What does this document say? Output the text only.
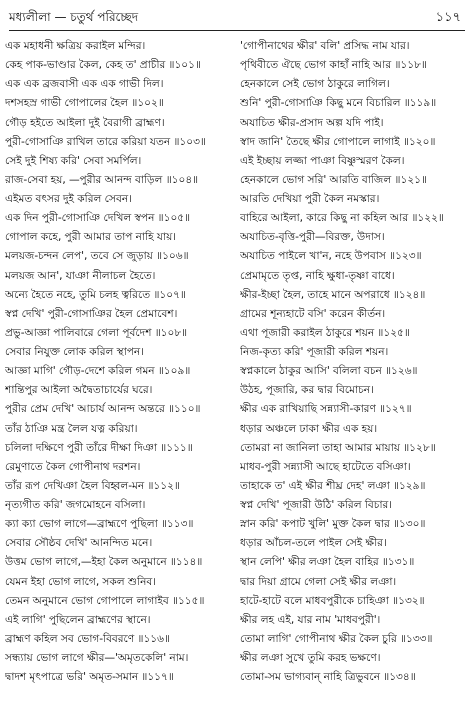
মধ্যলীলা — চতুর্থ পরিচ্ছেদ	১১৭
এক মহাধনী ক্ষত্রিয় করাইল মন্দির।
কেহ পাক-ভাণ্ডার কৈল, কেহ ত' প্রাচীর ॥১০১॥
এক এক ব্রজবাসী এক এক গাভী দিল।
দশসহস্র গাভী গোপালের হৈল ॥১০২॥
গৌড় হইতে আইলা দুই বৈরাগী ব্রাহ্মণ।
পুরী-গোসাঞি রাখিল তারে করিয়া যতন ॥১০৩॥
সেই দুই শিষ্য করি' সেবা সমর্পিল।
রাজ-সেবা হয়, —পুরীর আনন্দ বাড়িল ॥১০৪॥
এইমত বৎসর দুই করিল সেবন।
এক দিন পুরী-গোসাঞি দেখিল স্বপন ॥১০৫॥
গোপাল কহে, পুরী আমার তাপ নাহি যায়।
মলয়জ-চন্দন লেপ', তবে সে জুড়ায় ॥১০৬॥
মলয়জ আন', যাঞা নীলাচল হৈতে।
অন্যে হৈতে নহে, তুমি চলহ ত্বরিতে ॥১০৭॥
স্বপ্ন দেখি' পুরী-গোসাঞির হৈল প্রেমাবেশ।
প্রভু-আজ্ঞা পালিবারে গেলা পূর্বদেশ ॥১০৮॥
সেবার নিযুক্ত লোক করিল স্থাপন।
আজ্ঞা মাগি' গৌড়-দেশে করিল গমন ॥১০৯॥
শান্তিপুর আইলা অদ্বৈতাচার্যের ঘরে।
পুরীর প্রেম দেখি' আচার্য আনন্দ অন্তরে ॥১১০॥
তাঁর ঠাঞি মন্ত্র লৈল যত্ন করিয়া।
চলিলা দক্ষিণে পুরী তাঁরে দীক্ষা দিঞা ॥১১১॥
রেমুণাতে কৈল গোপীনাথ দরশন।
তাঁর রূপ দেখিঞা হৈল বিহ্বল-মন ॥১১২॥
নৃত্যগীত করি' জগমোহনে বসিলা।
ক্যা ক্যা ভোগ লাগে—ব্রাহ্মণে পুছিলা ॥১১৩॥
সেবার সৌষ্ঠব দেখি' আনন্দিত মনে।
উত্তম ভোগ লাগে,—ইহা কৈল অনুমানে ॥১১৪॥
যেমন ইহা ভোগ লাগে, সকল শুনিব।
তেমন অনুমানে ভোগ গোপালে লাগাইব ॥১১৫॥
এই লাগি' পুছিলেন ব্রাহ্মণের স্থানে।
ব্রাহ্মণ কহিল সব ভোগ-বিবরণে ॥১১৬॥
সন্ধ্যায় ভোগ লাগে ক্ষীর—'অমৃতকেলি' নাম।
দ্বাদশ মৃৎপাত্রে ভরি' অমৃত-সমান ॥১১৭॥
'গোপীনাথের ক্ষীর' বলি' প্রসিদ্ধ নাম যার।
পৃথিবীতে ঐছে ভোগ কাহাঁ নাহি আর ॥১১৮॥
হেনকালে সেই ভোগ ঠাকুরে লাগিল।
শুনি' পুরী-গোসাঞি কিছু মনে বিচারিল ॥১১৯॥
অযাচিত ক্ষীর-প্রসাদ অল্প যদি পাই।
স্বাদ জানি' তৈছে ক্ষীর গোপালে লাগাই ॥১২০॥
এই ইচ্ছায় লজ্জা পাঞা বিষ্ণুস্মরণ কৈল।
হেনকালে ভোগ সরি' আরতি বাজিল ॥১২১॥
আরতি দেখিয়া পুরী কৈল নমস্কার।
বাহিরে আইলা, কারে কিছু না কহিল আর ॥১২২॥
অযাচিত-বৃত্তি-পুরী—বিরক্ত, উদাস।
অযাচিত পাইলে খা'ন, নহে উপবাস ॥১২৩॥
প্রেমামৃতে তৃপ্ত, নাহি ক্ষুধা-তৃষ্ণা বাধে।
ক্ষীর-ইচ্ছা হৈল, তাহে মানে অপরাধে ॥১২৪॥
গ্রামের শূন্যহাটে বসি' করেন কীর্তন।
এথা পূজারী করাইল ঠাকুরে শয়ন ॥১২৫॥
নিজ-কৃত্য করি' পূজারী করিল শয়ন।
স্বপ্নকালে ঠাকুর আসি' বলিলা বচন ॥১২৬॥
উঠহ, পূজারি, কর দ্বার বিমোচন।
ক্ষীর এক রাখিয়াছি সন্ন্যাসী-কারণ ॥১২৭॥
ধড়ার অঞ্চলে ঢাকা ক্ষীর এক হয়।
তোমরা না জানিলা তাহা আমার মায়ায় ॥১২৮॥
মাধব-পুরী সন্ন্যাসী আছে হাটেতে বসিঞা।
তাহাকে ত' এই ক্ষীর শীঘ্র দেহ' লঞা ॥১২৯॥
স্বপ্ন দেখি' পূজারী উঠি' করিল বিচার।
স্নান করি' কপাট খুলি' মুক্ত কৈল দ্বার ॥১৩০॥
ধড়ার আঁচল-তলে পাইল সেই ক্ষীর।
স্থান লেপি' ক্ষীর লঞা হৈল বাহির ॥১৩১॥
দ্বার দিয়া গ্রামে গেলা সেই ক্ষীর লঞা।
হাটে-হাটে বলে মাধবপুরীকে চাহিঞা ॥১৩২॥
ক্ষীর লহ এই, যার নাম 'মাধবপুরী'।
তোমা লাগি' গোপীনাথ ক্ষীর কৈল চুরি ॥১৩৩॥
ক্ষীর লঞা সুখে তুমি করহ ভক্ষণে।
তোমা-সম ভাগ্যবান্ নাহি ত্রিভুবনে ॥১৩৪॥
